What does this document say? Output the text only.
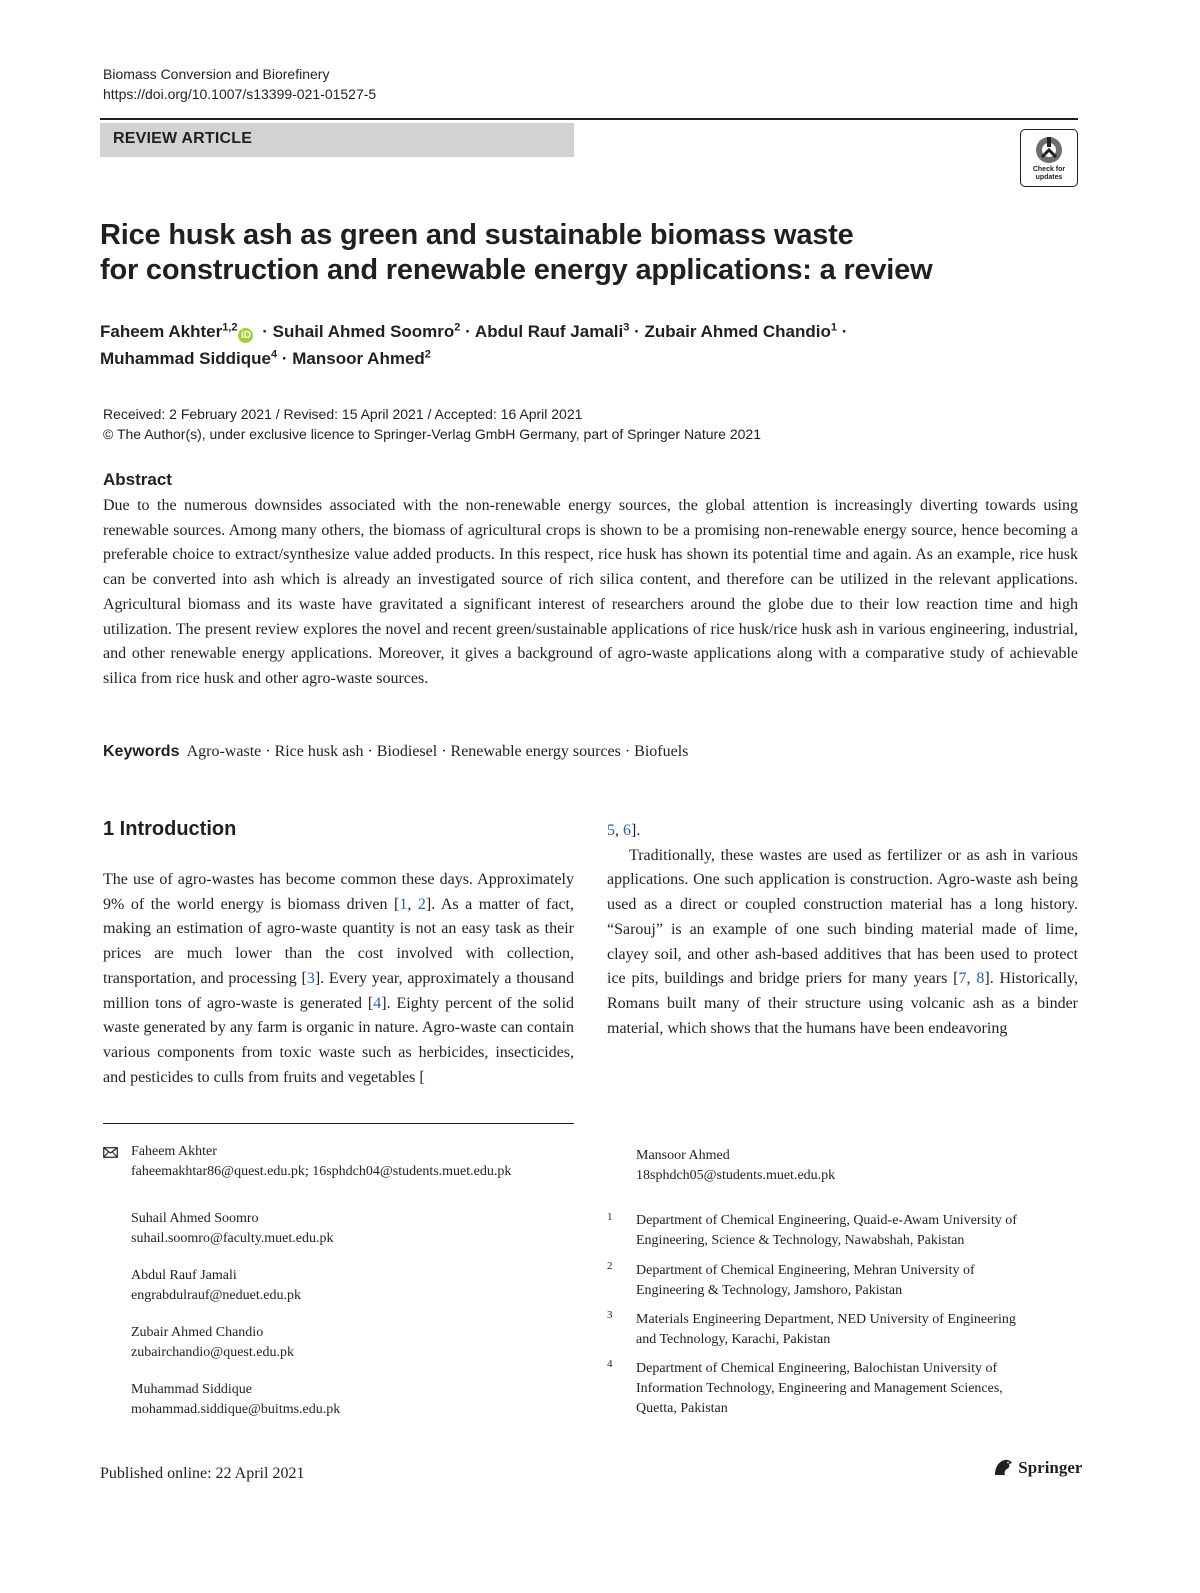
Biomass Conversion and Biorefinery
https://doi.org/10.1007/s13399-021-01527-5
REVIEW ARTICLE
Check for
updates
Rice husk ash as green and sustainable biomass waste
for construction and renewable energy applications: a review
Faheem Akhter$^{1,2}$iD · Suhail Ahmed Soomro$^2$ · Abdul Rauf Jamali$^3$ · Zubair Ahmed Chandio$^1$ ·
Muhammad Siddique$^4$ · Mansoor Ahmed$^2$
Received: 2 February 2021 / Revised: 15 April 2021 / Accepted: 16 April 2021
© The Author(s), under exclusive licence to Springer-Verlag GmbH Germany, part of Springer Nature 2021
Abstract
Due to the numerous downsides associated with the non-renewable energy sources, the global attention is increasingly diverting towards using renewable sources. Among many others, the biomass of agricultural crops is shown to be a promising non-renewable energy source, hence becoming a preferable choice to extract/synthesize value added products. In this respect, rice husk has shown its potential time and again. As an example, rice husk can be converted into ash which is already an investigated source of rich silica content, and therefore can be utilized in the relevant applications. Agricultural biomass and its waste have gravitated a significant interest of researchers around the globe due to their low reaction time and high utilization. The present review explores the novel and recent green/sustainable applications of rice husk/rice husk ash in various engineering, industrial, and other renewable energy applications. Moreover, it gives a background of agro-waste applications along with a comparative study of achievable silica from rice husk and other agro-waste sources.
Keywords Agro-waste · Rice husk ash · Biodiesel · Renewable energy sources · Biofuels
1 Introduction

The use of agro-wastes has become common these days. Approximately 9% of the world energy is biomass driven [1, 2]. As a matter of fact, making an estimation of agro-waste quantity is not an easy task as their prices are much lower than the cost involved with collection, transportation, and processing [3]. Every year, approximately a thousand million tons of agro-waste is generated [4]. Eighty percent of the solid waste generated by any farm is organic in nature. Agro-waste can contain various components from toxic waste such as herbicides, insecticides, and pesticides to culls from fruits and vegetables [

5, 6].

Traditionally, these wastes are used as fertilizer or as ash in various applications. One such application is construction. Agro-waste ash being used as a direct or coupled construction material has a long history. “Sarouj” is an example of one such binding material made of lime, clayey soil, and other ash-based additives that has been used to protect ice pits, buildings and bridge priers for many years [7, 8]. Historically, Romans built many of their structure using volcanic ash as a binder material, which shows that the humans have been endeavoring

Faheem Akhter
faheemakhtar86@quest.edu.pk; 16sphdch04@students.muet.edu.pk
Suhail Ahmed Soomro
suhail.soomro@faculty.muet.edu.pk
Abdul Rauf Jamali
engrabdulrauf@neduet.edu.pk
Zubair Ahmed Chandio
zubairchandio@quest.edu.pk
Muhammad Siddique
mohammad.siddique@buitms.edu.pk
Mansoor Ahmed
18sphdch05@students.muet.edu.pk
1 Department of Chemical Engineering, Quaid-e-Awam University of
Engineering, Science & Technology, Nawabshah, Pakistan
2 Department of Chemical Engineering, Mehran University of
Engineering & Technology, Jamshoro, Pakistan
3 Materials Engineering Department, NED University of Engineering
and Technology, Karachi, Pakistan
4 Department of Chemical Engineering, Balochistan University of
Information Technology, Engineering and Management Sciences,
Quetta, Pakistan
Published online: 22 April 2021	Springer
